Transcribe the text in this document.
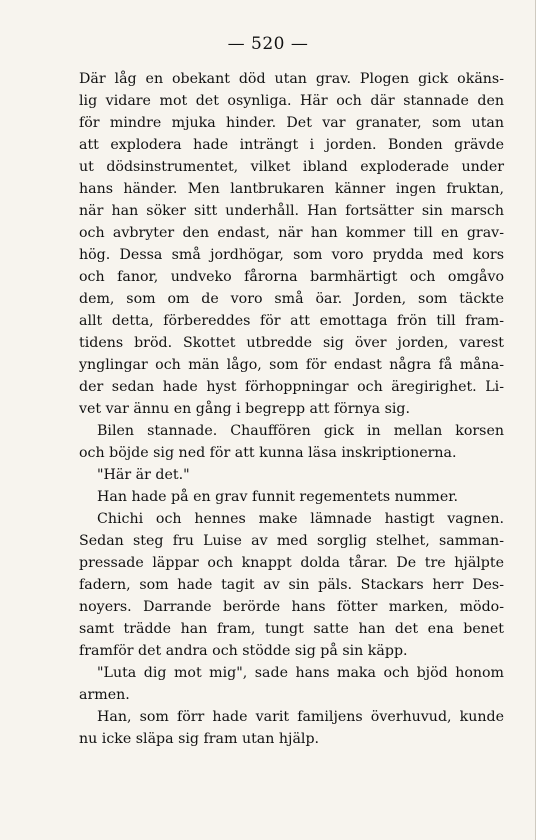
— 520 —
Där låg en obekant död utan grav. Plogen gick okäns-
lig vidare mot det osynliga. Här och där stannade den
för mindre mjuka hinder. Det var granater, som utan
att explodera hade inträngt i jorden. Bonden grävde
ut dödsinstrumentet, vilket ibland exploderade under
hans händer. Men lantbrukaren känner ingen fruktan,
när han söker sitt underhåll. Han fortsätter sin marsch
och avbryter den endast, när han kommer till en grav-
hög. Dessa små jordhögar, som voro prydda med kors
och fanor, undveko fårorna barmhärtigt och omgåvo
dem, som om de voro små öar. Jorden, som täckte
allt detta, förbereddes för att emottaga frön till fram-
tidens bröd. Skottet utbredde sig över jorden, varest
ynglingar och män lågo, som för endast några få måna-
der sedan hade hyst förhoppningar och äregirighet. Li-
vet var ännu en gång i begrepp att förnya sig.
Bilen stannade. Chauffören gick in mellan korsen
och böjde sig ned för att kunna läsa inskriptionerna.
"Här är det."
Han hade på en grav funnit regementets nummer.
Chichi och hennes make lämnade hastigt vagnen.
Sedan steg fru Luise av med sorglig stelhet, samman-
pressade läppar och knappt dolda tårar. De tre hjälpte
fadern, som hade tagit av sin päls. Stackars herr Des-
noyers. Darrande berörde hans fötter marken, mödo-
samt trädde han fram, tungt satte han det ena benet
framför det andra och stödde sig på sin käpp.
"Luta dig mot mig", sade hans maka och bjöd honom
armen.
Han, som förr hade varit familjens överhuvud, kunde
nu icke släpa sig fram utan hjälp.
